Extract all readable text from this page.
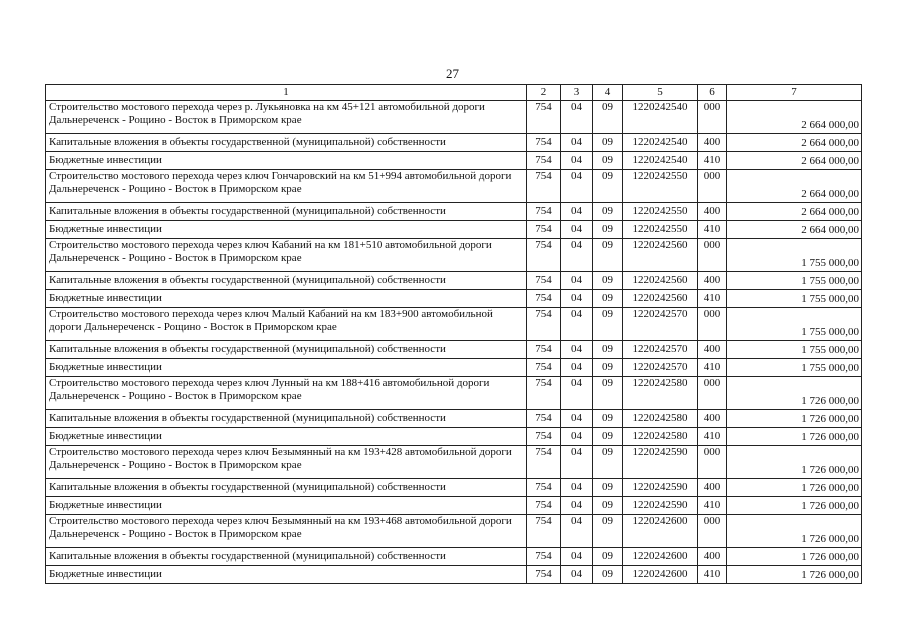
27
1	2	3	4	5	6	7
Строительство мостового перехода через р. Лукьяновка на км 45+121 автомобильной дороги Дальнереченск - Рощино - Восток в Приморском крае	754	04	09	1220242540	000	2 664 000,00
Капитальные вложения в объекты государственной (муниципальной) собственности	754	04	09	1220242540	400	2 664 000,00
Бюджетные инвестиции	754	04	09	1220242540	410	2 664 000,00
Строительство мостового перехода через ключ Гончаровский на км 51+994 автомобильной дороги Дальнереченск - Рощино - Восток в Приморском крае	754	04	09	1220242550	000	2 664 000,00
Капитальные вложения в объекты государственной (муниципальной) собственности	754	04	09	1220242550	400	2 664 000,00
Бюджетные инвестиции	754	04	09	1220242550	410	2 664 000,00
Строительство мостового перехода через ключ Кабаний на км 181+510 автомобильной дороги Дальнереченск - Рощино - Восток в Приморском крае	754	04	09	1220242560	000	1 755 000,00
Капитальные вложения в объекты государственной (муниципальной) собственности	754	04	09	1220242560	400	1 755 000,00
Бюджетные инвестиции	754	04	09	1220242560	410	1 755 000,00
Строительство мостового перехода через ключ Малый Кабаний на км 183+900 автомобильной дороги Дальнереченск - Рощино - Восток в Приморском крае	754	04	09	1220242570	000	1 755 000,00
Капитальные вложения в объекты государственной (муниципальной) собственности	754	04	09	1220242570	400	1 755 000,00
Бюджетные инвестиции	754	04	09	1220242570	410	1 755 000,00
Строительство мостового перехода через ключ Лунный на км 188+416 автомобильной дороги Дальнереченск - Рощино - Восток в Приморском крае	754	04	09	1220242580	000	1 726 000,00
Капитальные вложения в объекты государственной (муниципальной) собственности	754	04	09	1220242580	400	1 726 000,00
Бюджетные инвестиции	754	04	09	1220242580	410	1 726 000,00
Строительство мостового перехода через ключ Безымянный на км 193+428 автомобильной дороги Дальнереченск - Рощино - Восток в Приморском крае	754	04	09	1220242590	000	1 726 000,00
Капитальные вложения в объекты государственной (муниципальной) собственности	754	04	09	1220242590	400	1 726 000,00
Бюджетные инвестиции	754	04	09	1220242590	410	1 726 000,00
Строительство мостового перехода через ключ Безымянный на км 193+468 автомобильной дороги Дальнереченск - Рощино - Восток в Приморском крае	754	04	09	1220242600	000	1 726 000,00
Капитальные вложения в объекты государственной (муниципальной) собственности	754	04	09	1220242600	400	1 726 000,00
Бюджетные инвестиции	754	04	09	1220242600	410	1 726 000,00
